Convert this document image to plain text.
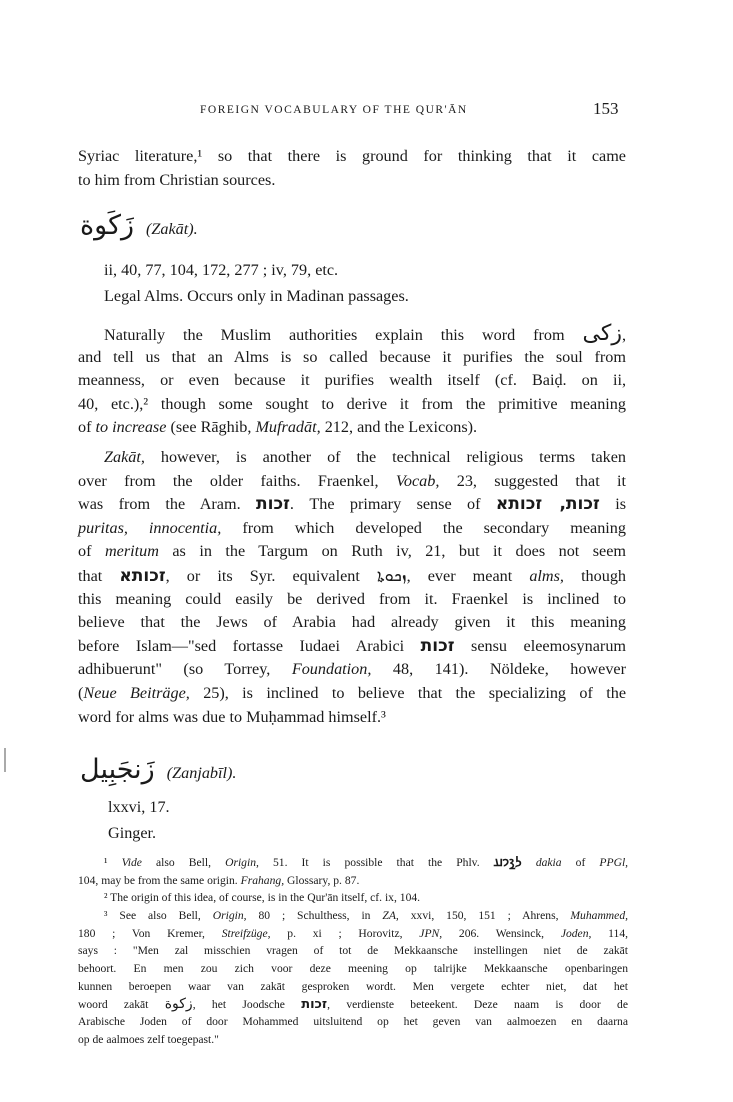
FOREIGN VOCABULARY OF THE QUR'ĀN	153
Syriac literature,¹ so that there is ground for thinking that it came
to him from Christian sources.
زَكَوة (Zakāt).
ii, 40, 77, 104, 172, 277 ; iv, 79, etc.
Legal Alms. Occurs only in Madinan passages.
Naturally the Muslim authorities explain this word from زكى,
and tell us that an Alms is so called because it purifies the soul from
meanness, or even because it purifies wealth itself (cf. Baiḍ. on ii,
40, etc.),² though some sought to derive it from the primitive meaning
of to increase (see Rāghib, Mufradāt, 212, and the Lexicons).
Zakāt, however, is another of the technical religious terms taken
over from the older faiths. Fraenkel, Vocab, 23, suggested that it
was from the Aram. זכות. The primary sense of זכות, זכותא is
puritas, innocentia, from which developed the secondary meaning
of meritum as in the Targum on Ruth iv, 21, but it does not seem
that זכותא, or its Syr. equivalent ܙܟܘܬܐ, ever meant alms, though
this meaning could easily be derived from it. Fraenkel is inclined to
believe that the Jews of Arabia had already given it this meaning
before Islam—"sed fortasse Iudaei Arabici זכות sensu eleemosynarum
adhibuerunt" (so Torrey, Foundation, 48, 141). Nöldeke, however
(Neue Beiträge, 25), is inclined to believe that the specializing of the
word for alms was due to Muḥammad himself.³
زَنجَبِيل (Zanjabīl).
lxxvi, 17.
Ginger.
¹ Vide also Bell, Origin, 51. It is possible that the Phlv. 𐭫𐭪𐭩𐭠 dakia of PPGl,
104, may be from the same origin. Frahang, Glossary, p. 87.
² The origin of this idea, of course, is in the Qur'ān itself, cf. ix, 104.
³ See also Bell, Origin, 80 ; Schulthess, in ZA, xxvi, 150, 151 ; Ahrens, Muhammed,
180 ; Von Kremer, Streifzüge, p. xi ; Horovitz, JPN, 206. Wensinck, Joden, 114,
says : "Men zal misschien vragen of tot de Mekkaansche instellingen niet de zakāt
behoort. En men zou zich voor deze meening op talrijke Mekkaansche openbaringen
kunnen beroepen waar van zakāt gesproken wordt. Men vergete echter niet, dat het
woord zakāt زكوة, het Joodsche זכות, verdienste beteekent. Deze naam is door de
Arabische Joden of door Mohammed uitsluitend op het geven van aalmoezen en daarna
op de aalmoes zelf toegepast."
